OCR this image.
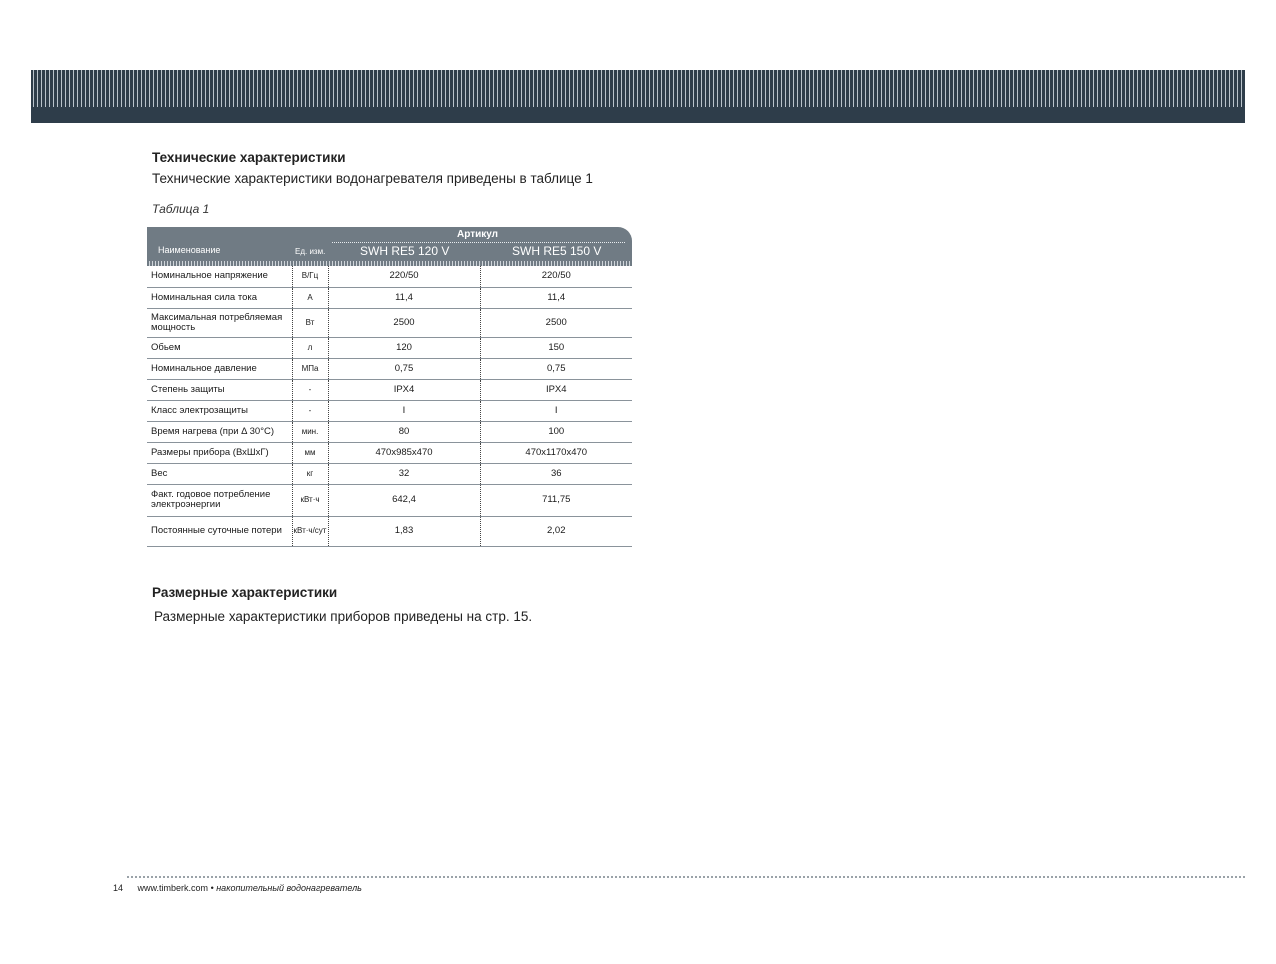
Технические характеристики

Технические характеристики водонагревателя приведены в таблице 1

Таблица 1

Наименование	Ед. изм.
Артикул
SWH RE5 120 V	SWH RE5 150 V
Номинальное напряжение	В/Гц	220/50	220/50
Номинальная сила тока	А	11,4	11,4
Максимальная потребляемая мощность	Вт	2500	2500
Обьем	л	120	150
Номинальное давление	МПа	0,75	0,75
Степень защиты	-	IPX4	IPX4
Класс электрозащиты	-	I	I
Время нагрева (при Δ 30°C)	мин.	80	100
Размеры прибора (ВхШхГ)	мм	470х985х470	470х1170х470
Вес	кг	32	36
Факт. годовое потребление электроэнергии	кВт·ч	642,4	711,75
Постоянные суточные потери	кВт·ч/сут	1,83	2,02
Размерные характеристики

Размерные характеристики приборов приведены на стр. 15.

14 www.timberk.com • накопительный водонагреватель
